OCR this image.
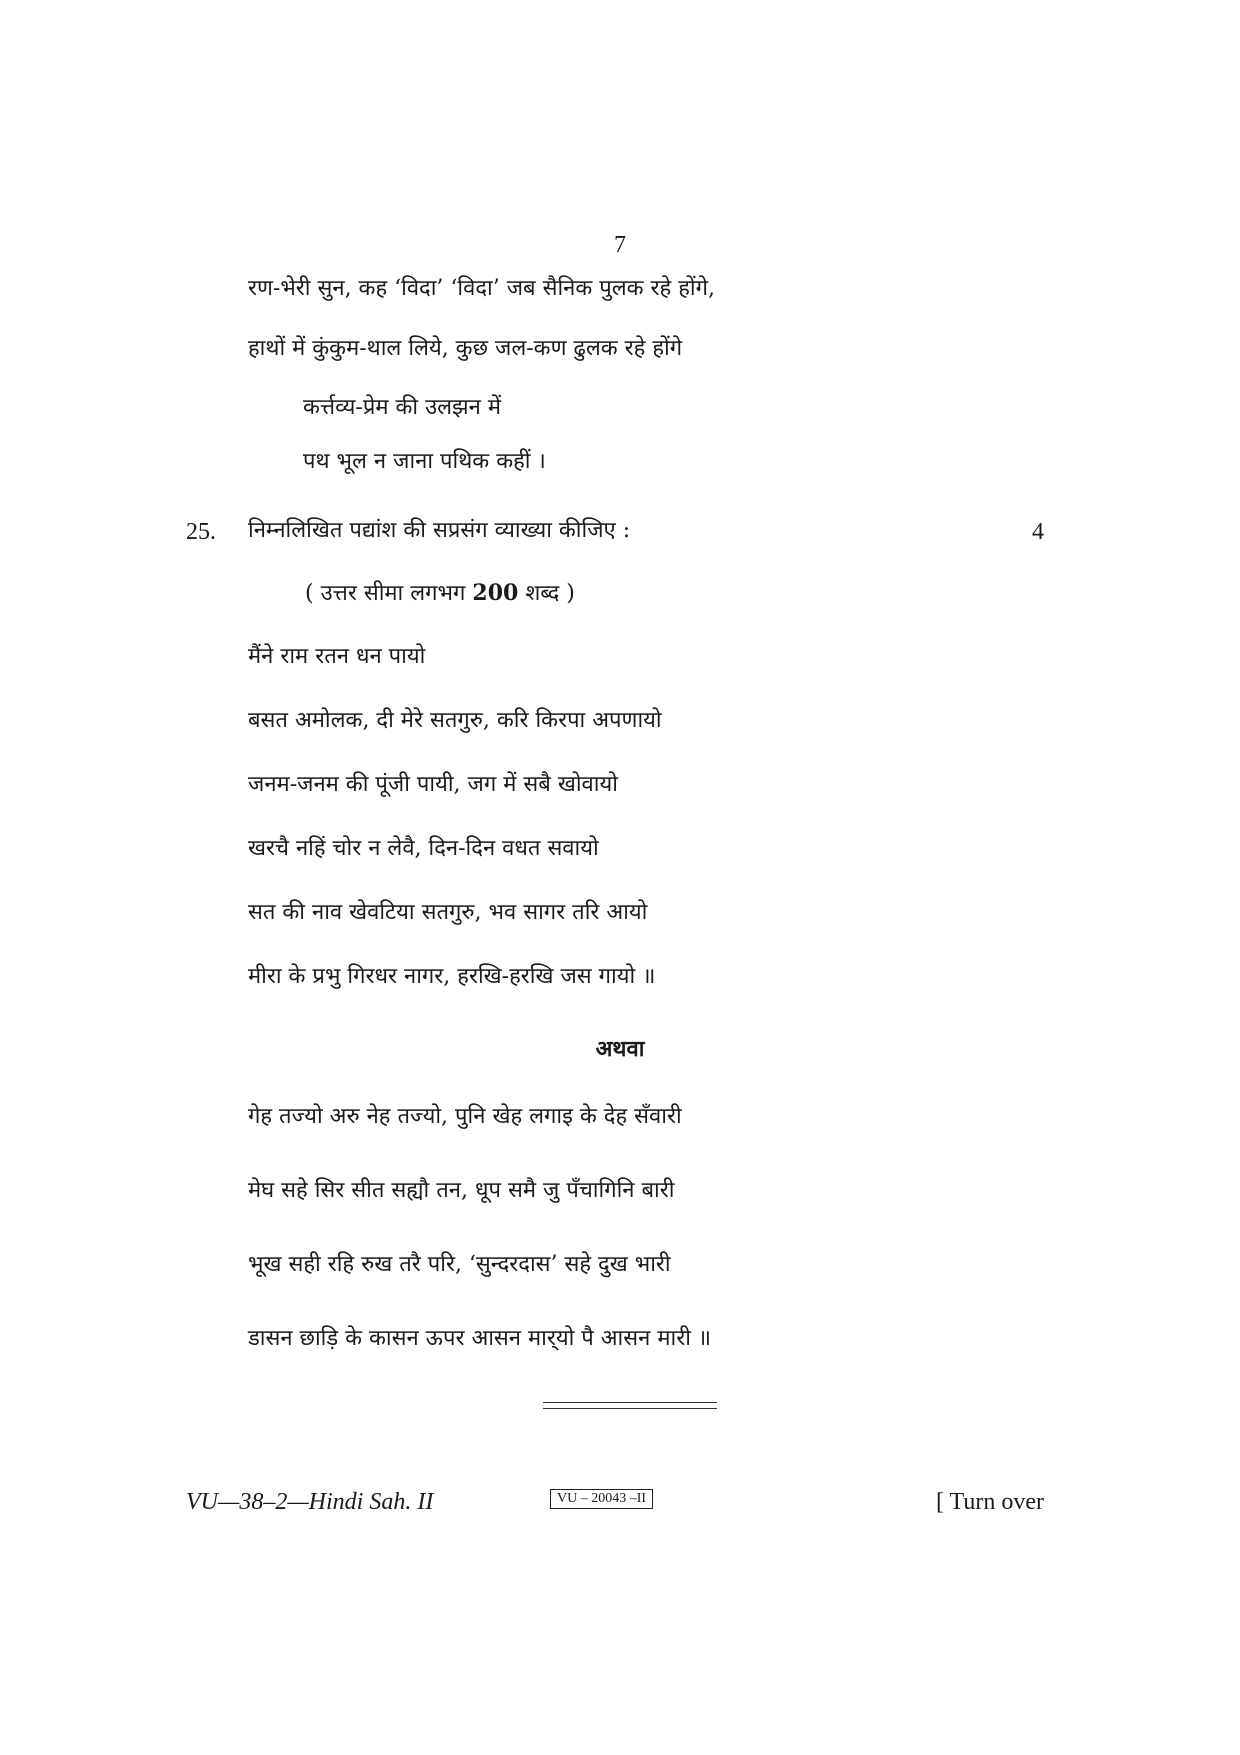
7
रण-भेरी सुन, कह ‘विदा’ ‘विदा’ जब सैनिक पुलक रहे होंगे,
हाथों में कुंकुम-थाल लिये, कुछ जल-कण ढुलक रहे होंगे
कर्त्तव्य-प्रेम की उलझन में
पथ भूल न जाना पथिक कहीं ।
25. निम्नलिखित पद्यांश की सप्रसंग व्याख्या कीजिए :	4
( उत्तर सीमा लगभग 200 शब्द )
मैंने राम रतन धन पायो
बसत अमोलक, दी मेरे सतगुरु, करि किरपा अपणायो
जनम-जनम की पूंजी पायी, जग में सबै खोवायो
खरचै नहिं चोर न लेवै, दिन-दिन वधत सवायो
सत की नाव खेवटिया सतगुरु, भव सागर तरि आयो
मीरा के प्रभु गिरधर नागर, हरखि-हरखि जस गायो ॥
अथवा
गेह तज्यो अरु नेह तज्यो, पुनि खेह लगाइ के देह सँवारी
मेघ सहे सिर सीत सह्यौ तन, धूप समै जु पँचागिनि बारी
भूख सही रहि रुख तरै परि, ‘सुन्दरदास’ सहे दुख भारी
डासन छाड़ि के कासन ऊपर आसन मार्‌यो पै आसन मारी ॥
VU—38–2—Hindi Sah. II	VU – 20043 –II	[ Turn over
